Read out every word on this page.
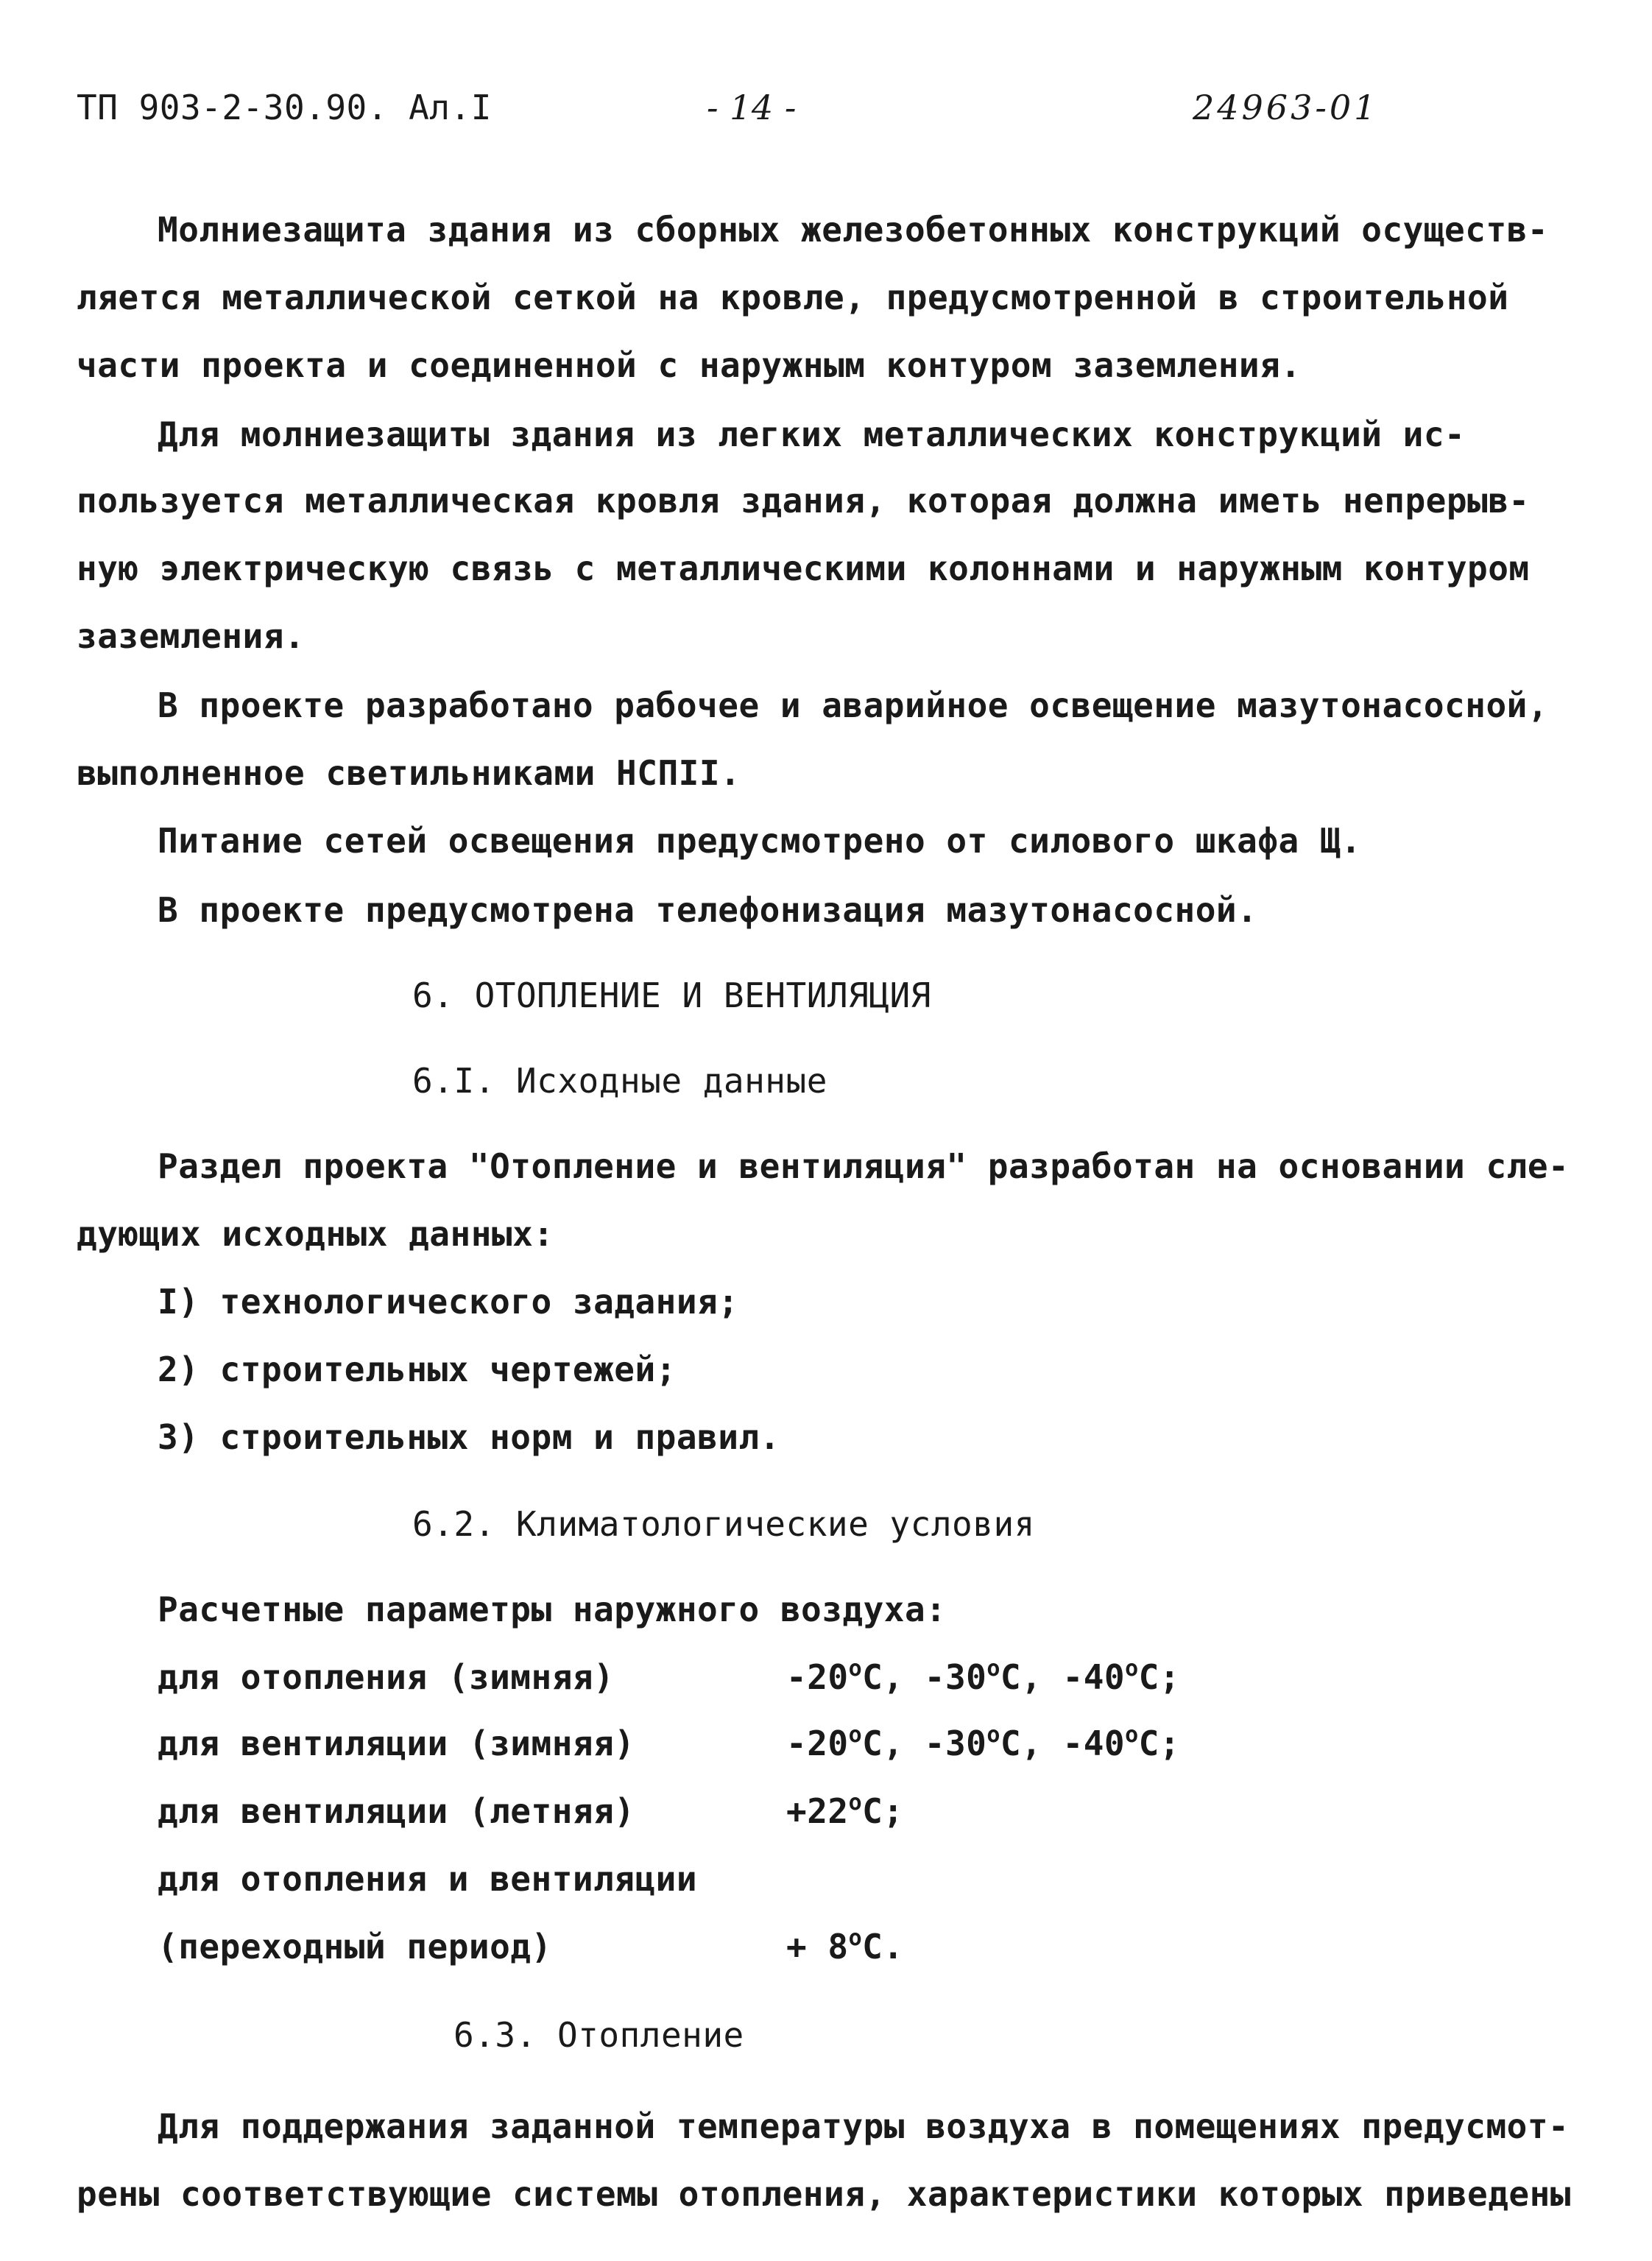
ТП 903-2-30.90. Ал.I	- 14 -	24963-01
Молниезащита здания из сборных железобетонных конструкций осуществ-
ляется металлической сеткой на кровле, предусмотренной в строительной
части проекта и соединенной с наружным контуром заземления.
Для молниезащиты здания из легких металлических конструкций ис-
пользуется металлическая кровля здания, которая должна иметь непрерыв-
ную электрическую связь с металлическими колоннами и наружным контуром
заземления.
В проекте разработано рабочее и аварийное освещение мазутонасосной,
выполненное светильниками НСПII.
Питание сетей освещения предусмотрено от силового шкафа Щ.
В проекте предусмотрена телефонизация мазутонасосной.
6. ОТОПЛЕНИЕ И ВЕНТИЛЯЦИЯ
6.I. Исходные данные
Раздел проекта "Отопление и вентиляция" разработан на основании сле-
дующих исходных данных:
I) технологического задания;
2) строительных чертежей;
3) строительных норм и правил.
6.2. Климатологические условия
Расчетные параметры наружного воздуха:
для отопления (зимняя)	-20$^o$C, -30$^o$C, -40$^o$C;
для вентиляции (зимняя)	-20$^o$C, -30$^o$C, -40$^o$C;
для вентиляции (летняя)	$+22^oC$;
для отопления и вентиляции
(переходный период)	+ $8^oC$.
6.3. Отопление
Для поддержания заданной температуры воздуха в помещениях предусмот-
рены соответствующие системы отопления, характеристики которых приведены
